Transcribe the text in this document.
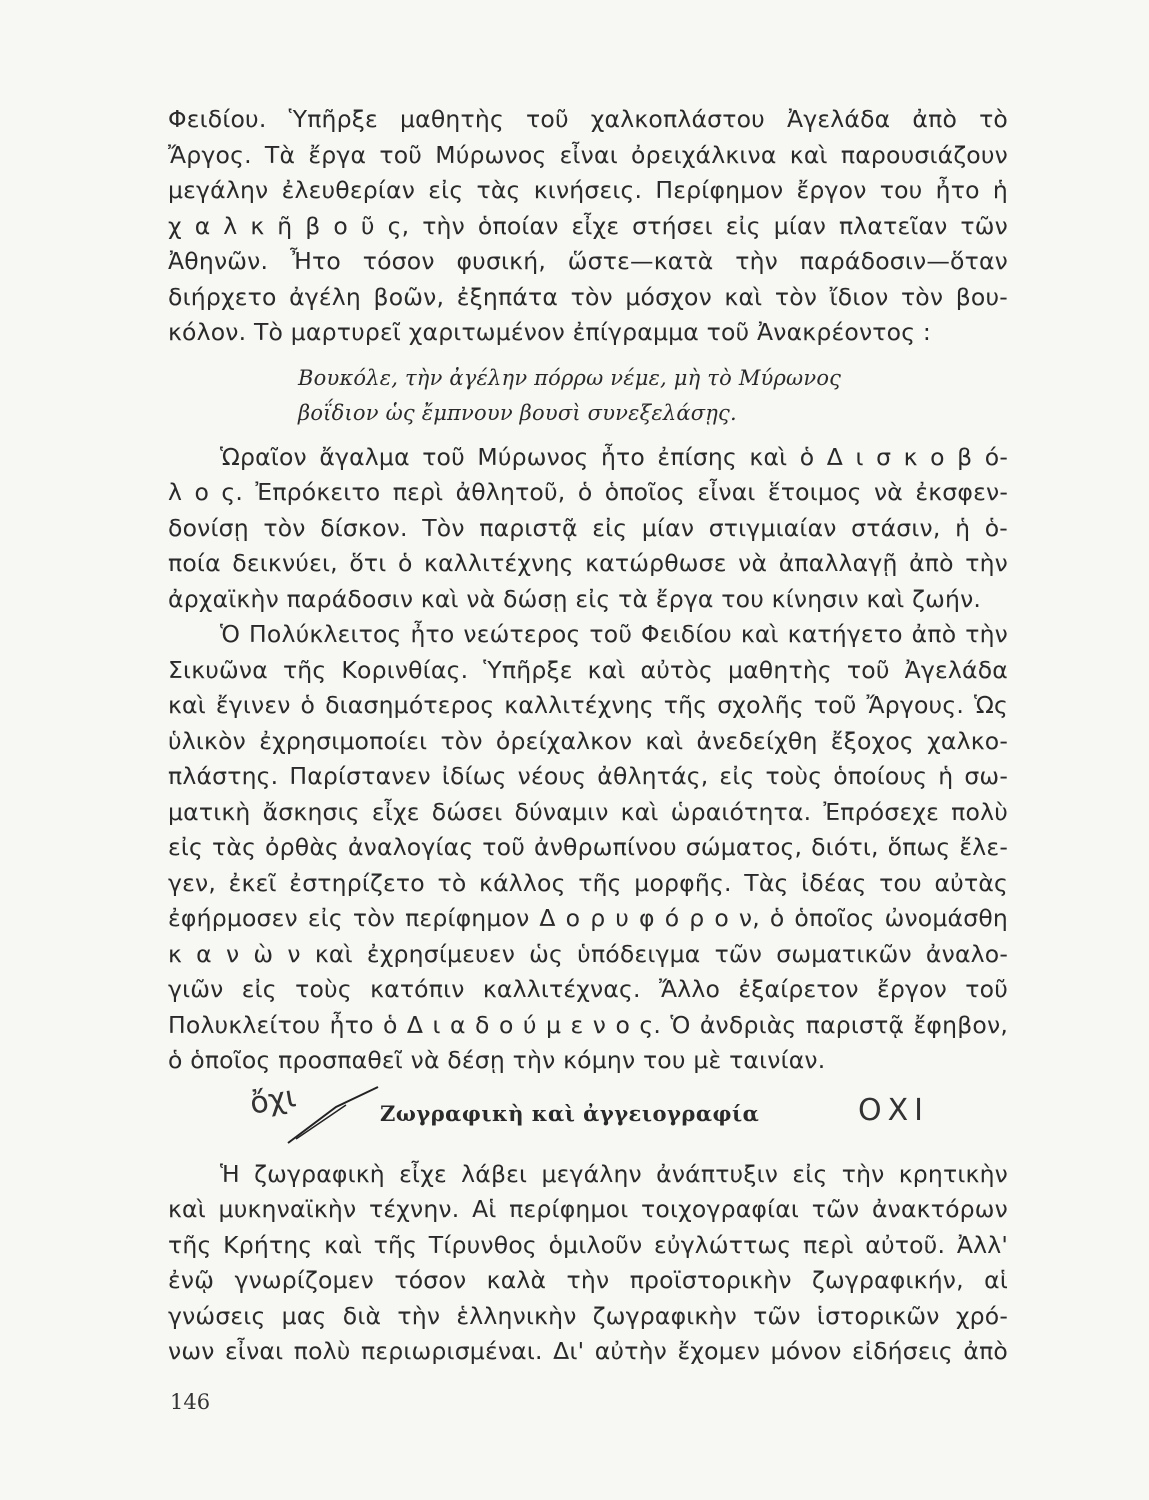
Φειδίου. Ὑπῆρξε μαθητὴς τοῦ χαλκοπλάστου Ἀγελάδα ἀπὸ τὸ
Ἄργος. Τὰ ἔργα τοῦ Μύρωνος εἶναι ὀρειχάλκινα καὶ παρουσιάζουν
μεγάλην ἐλευθερίαν εἰς τὰς κινήσεις. Περίφημον ἔργον του ἦτο ἡ
χ α λ κ ῆ β ο ῦ ς, τὴν ὁποίαν εἶχε στήσει εἰς μίαν πλατεῖαν τῶν
Ἀθηνῶν. Ἦτο τόσον φυσική, ὥστε—κατὰ τὴν παράδοσιν—ὅταν
διήρχετο ἀγέλη βοῶν, ἐξηπάτα τὸν μόσχον καὶ τὸν ἴδιον τὸν βου-
κόλον. Τὸ μαρτυρεῖ χαριτωμένον ἐπίγραμμα τοῦ Ἀνακρέοντος :
Βουκόλε, τὴν ἀγέλην πόρρω νέμε, μὴ τὸ Μύρωνος
βοΐδιον ὡς ἔμπνουν βουσὶ συνεξελάσῃς.
Ὡραῖον ἄγαλμα τοῦ Μύρωνος ἦτο ἐπίσης καὶ ὁ Δ ι σ κ ο β ό-
λ ο ς. Ἐπρόκειτο περὶ ἀθλητοῦ, ὁ ὁποῖος εἶναι ἕτοιμος νὰ ἐκσφεν-
δονίσῃ τὸν δίσκον. Τὸν παριστᾷ εἰς μίαν στιγμιαίαν στάσιν, ἡ ὁ-
ποία δεικνύει, ὅτι ὁ καλλιτέχνης κατώρθωσε νὰ ἀπαλλαγῇ ἀπὸ τὴν
ἀρχαϊκὴν παράδοσιν καὶ νὰ δώσῃ εἰς τὰ ἔργα του κίνησιν καὶ ζωήν.
Ὁ Πολύκλειτος ἦτο νεώτερος τοῦ Φειδίου καὶ κατήγετο ἀπὸ τὴν
Σικυῶνα τῆς Κορινθίας. Ὑπῆρξε καὶ αὐτὸς μαθητὴς τοῦ Ἀγελάδα
καὶ ἔγινεν ὁ διασημότερος καλλιτέχνης τῆς σχολῆς τοῦ Ἄργους. Ὡς
ὑλικὸν ἐχρησιμοποίει τὸν ὀρείχαλκον καὶ ἀνεδείχθη ἔξοχος χαλκο-
πλάστης. Παρίστανεν ἰδίως νέους ἀθλητάς, εἰς τοὺς ὁποίους ἡ σω-
ματικὴ ἄσκησις εἶχε δώσει δύναμιν καὶ ὡραιότητα. Ἐπρόσεχε πολὺ
εἰς τὰς ὀρθὰς ἀναλογίας τοῦ ἀνθρωπίνου σώματος, διότι, ὅπως ἔλε-
γεν, ἐκεῖ ἐστηρίζετο τὸ κάλλος τῆς μορφῆς. Τὰς ἰδέας του αὐτὰς
ἐφήρμοσεν εἰς τὸν περίφημον Δ ο ρ υ φ ό ρ ο ν, ὁ ὁποῖος ὠνομάσθη
κ α ν ὼ ν καὶ ἐχρησίμευεν ὡς ὑπόδειγμα τῶν σωματικῶν ἀναλο-
γιῶν εἰς τοὺς κατόπιν καλλιτέχνας. Ἄλλο ἐξαίρετον ἔργον τοῦ
Πολυκλείτου ἦτο ὁ Δ ι α δ ο ύ μ ε ν ο ς. Ὁ ἀνδριὰς παριστᾷ ἔφηβον,
ὁ ὁποῖος προσπαθεῖ νὰ δέσῃ τὴν κόμην του μὲ ταινίαν.
ὄχι	Ζωγραφικὴ καὶ ἀγγειογραφία	ΟΧΙ
Ἡ ζωγραφικὴ εἶχε λάβει μεγάλην ἀνάπτυξιν εἰς τὴν κρητικὴν
καὶ μυκηναϊκὴν τέχνην. Αἱ περίφημοι τοιχογραφίαι τῶν ἀνακτόρων
τῆς Κρήτης καὶ τῆς Τίρυνθος ὁμιλοῦν εὐγλώττως περὶ αὐτοῦ. Ἀλλ'
ἐνῷ γνωρίζομεν τόσον καλὰ τὴν προϊστορικὴν ζωγραφικήν, αἱ
γνώσεις μας διὰ τὴν ἑλληνικὴν ζωγραφικὴν τῶν ἱστορικῶν χρό-
νων εἶναι πολὺ περιωρισμέναι. Δι' αὐτὴν ἔχομεν μόνον εἰδήσεις ἀπὸ
146
